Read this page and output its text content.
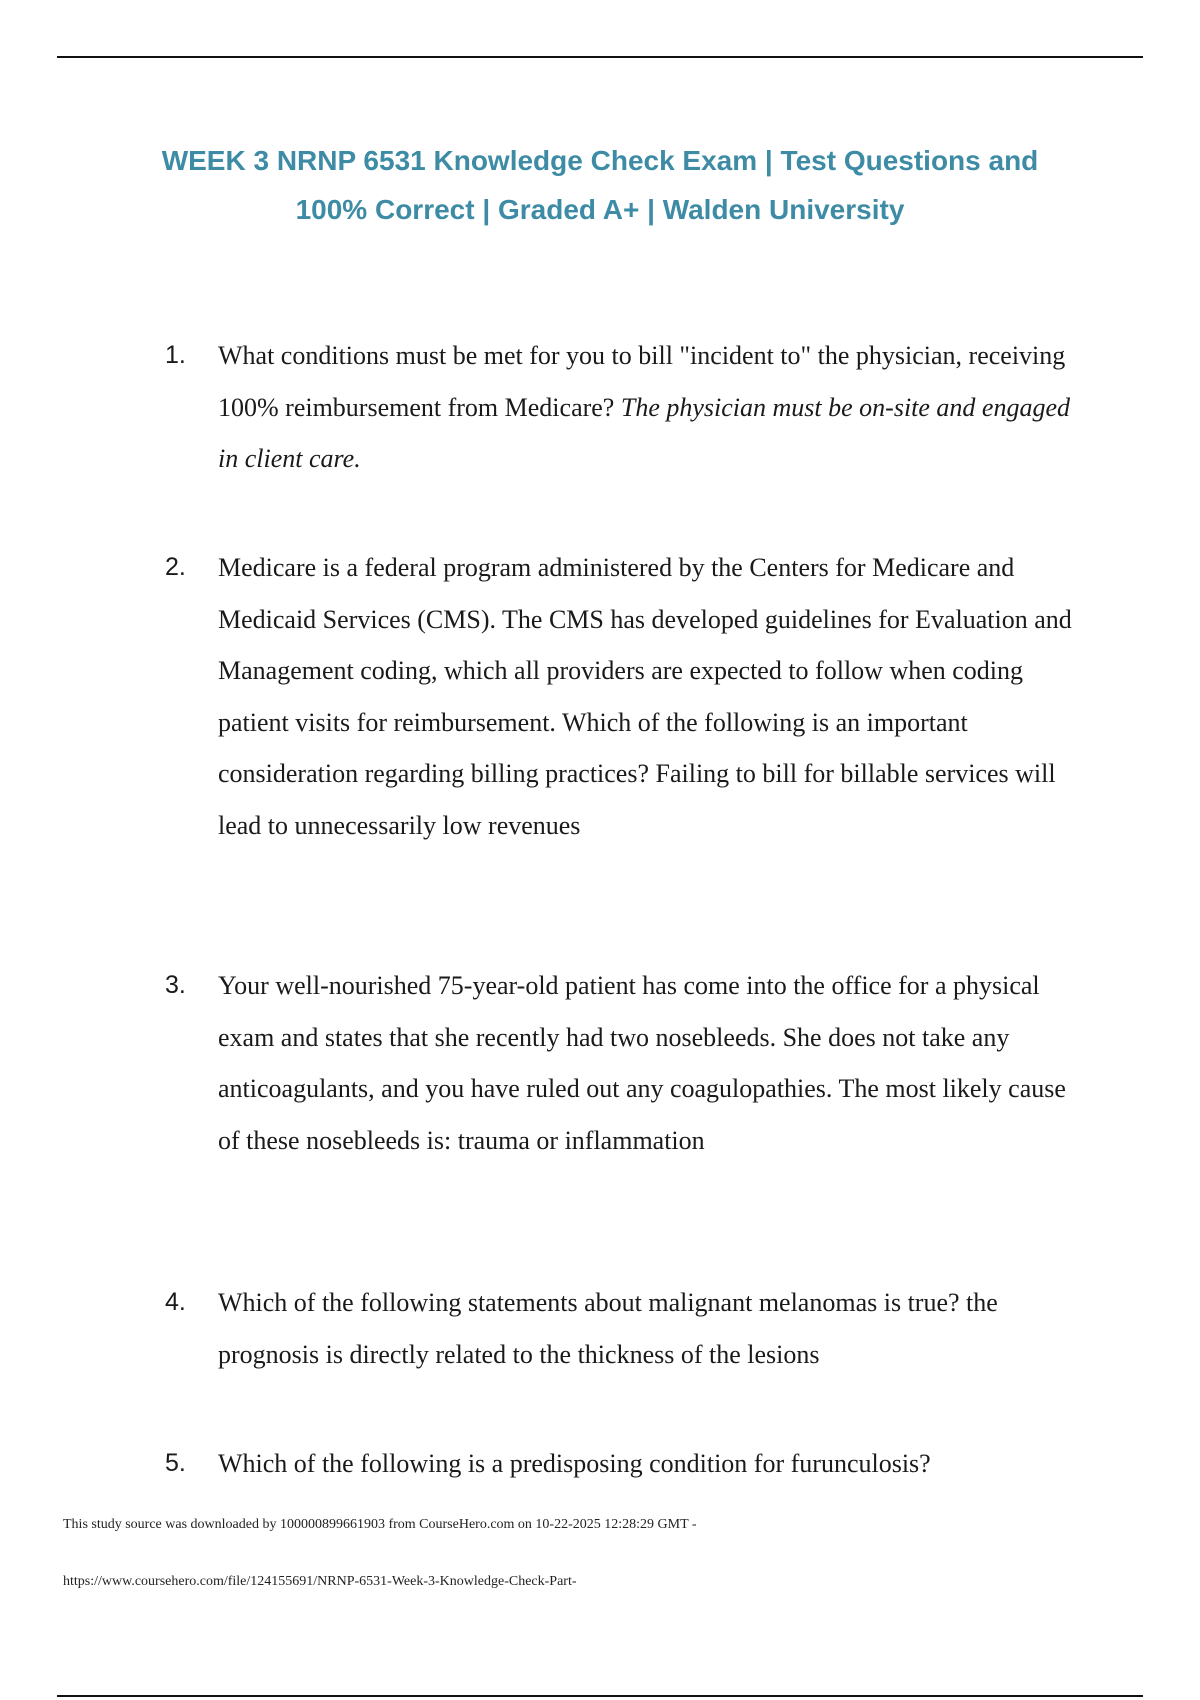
WEEK 3 NRNP 6531 Knowledge Check Exam | Test Questions and 100% Correct | Graded A+ | Walden University
1.	What conditions must be met for you to bill "incident to" the physician, receiving 100% reimbursement from Medicare? The physician must be on-site and engaged in client care.
2.	Medicare is a federal program administered by the Centers for Medicare and Medicaid Services (CMS). The CMS has developed guidelines for Evaluation and Management coding, which all providers are expected to follow when coding patient visits for reimbursement. Which of the following is an important consideration regarding billing practices? Failing to bill for billable services will lead to unnecessarily low revenues
3.	Your well-nourished 75-year-old patient has come into the office for a physical exam and states that she recently had two nosebleeds. She does not take any anticoagulants, and you have ruled out any coagulopathies. The most likely cause of these nosebleeds is: trauma or inflammation
4.	Which of the following statements about malignant melanomas is true? the prognosis is directly related to the thickness of the lesions
5.	Which of the following is a predisposing condition for furunculosis?
This study source was downloaded by 100000899661903 from CourseHero.com on 10-22-2025 12:28:29 GMT -
https://www.coursehero.com/file/124155691/NRNP-6531-Week-3-Knowledge-Check-Part-
